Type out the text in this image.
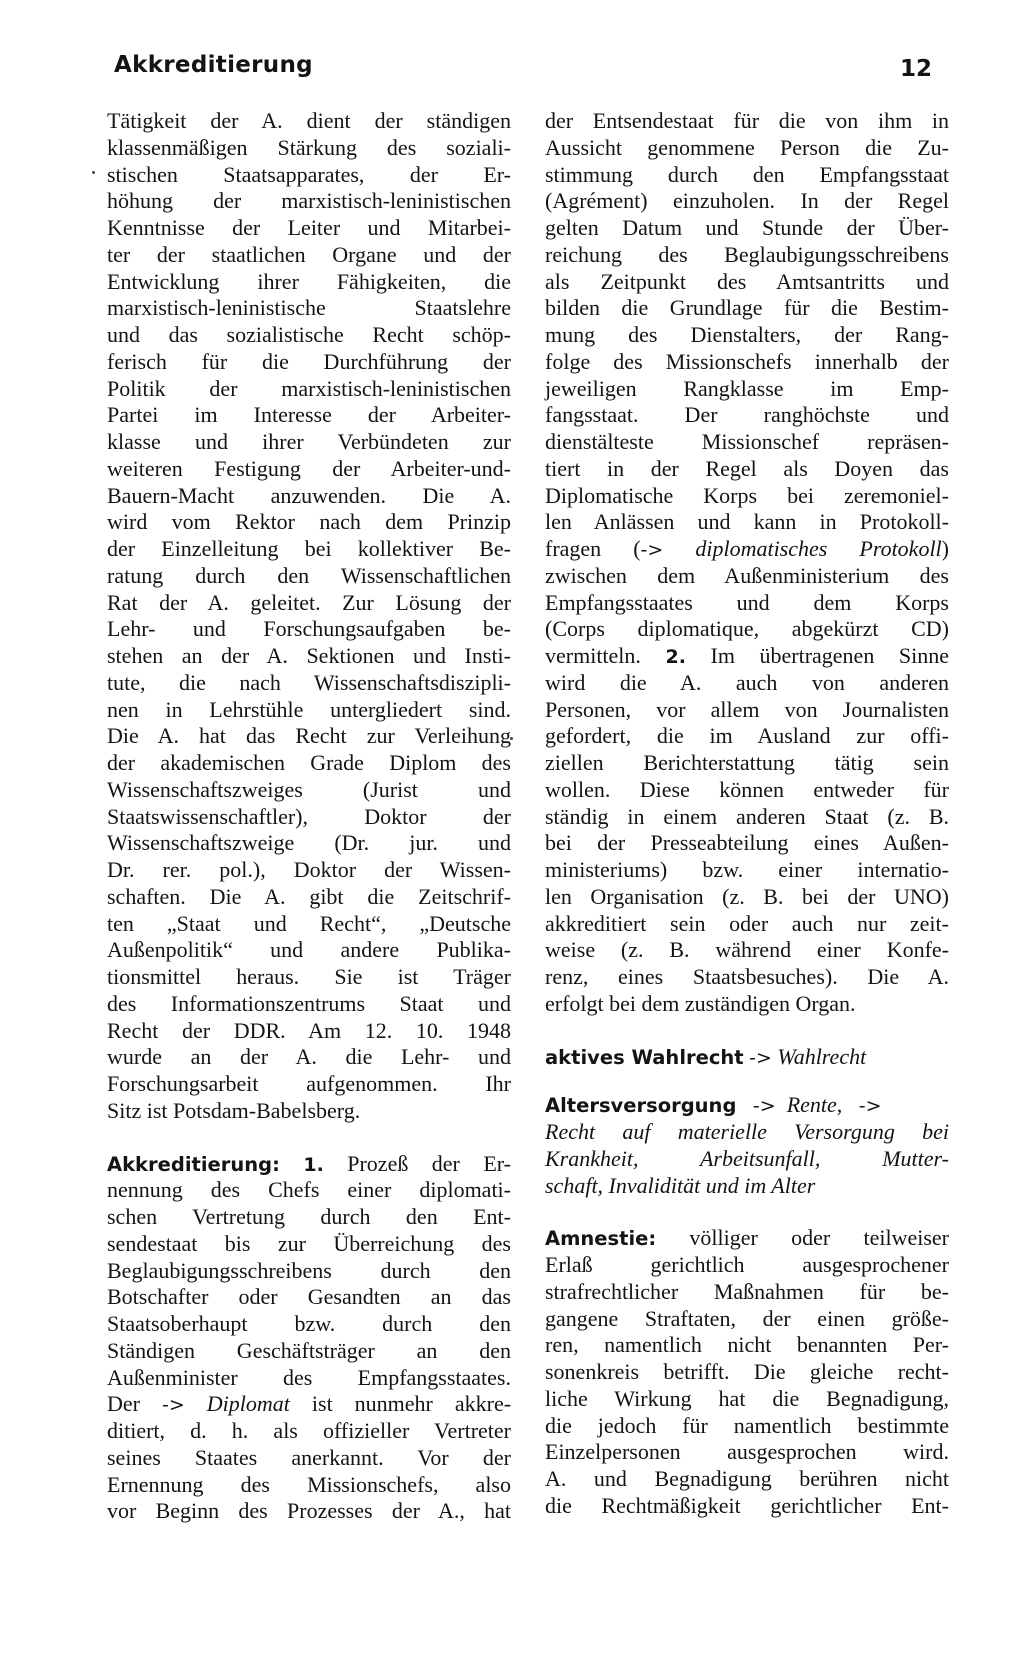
Akkreditierung	12
Tätigkeit der A. dient der ständigen
klassenmäßigen Stärkung des soziali-
stischen Staatsapparates, der Er-
höhung der marxistisch-leninistischen
Kenntnisse der Leiter und Mitarbei-
ter der staatlichen Organe und der
Entwicklung ihrer Fähigkeiten, die
marxistisch-leninistische Staatslehre
und das sozialistische Recht schöp-
ferisch für die Durchführung der
Politik der marxistisch-leninistischen
Partei im Interesse der Arbeiter-
klasse und ihrer Verbündeten zur
weiteren Festigung der Arbeiter-und-
Bauern-Macht anzuwenden. Die A.
wird vom Rektor nach dem Prinzip
der Einzelleitung bei kollektiver Be-
ratung durch den Wissenschaftlichen
Rat der A. geleitet. Zur Lösung der
Lehr- und Forschungsaufgaben be-
stehen an der A. Sektionen und Insti-
tute, die nach Wissenschaftsdiszipli-
nen in Lehrstühle untergliedert sind.
Die A. hat das Recht zur Verleihung
der akademischen Grade Diplom des
Wissenschaftszweiges (Jurist und
Staatswissenschaftler), Doktor der
Wissenschaftszweige (Dr. jur. und
Dr. rer. pol.), Doktor der Wissen-
schaften. Die A. gibt die Zeitschrif-
ten „Staat und Recht“, „Deutsche
Außenpolitik“ und andere Publika-
tionsmittel heraus. Sie ist Träger
des Informationszentrums Staat und
Recht der DDR. Am 12. 10. 1948
wurde an der A. die Lehr- und
Forschungsarbeit aufgenommen. Ihr
Sitz ist Potsdam-Babelsberg.
Akkreditierung: 1. Prozeß der Er-
nennung des Chefs einer diplomati-
schen Vertretung durch den Ent-
sendestaat bis zur Überreichung des
Beglaubigungsschreibens durch den
Botschafter oder Gesandten an das
Staatsoberhaupt bzw. durch den
Ständigen Geschäftsträger an den
Außenminister des Empfangsstaates.
Der -> Diplomat ist nunmehr akkre-
ditiert, d. h. als offizieller Vertreter
seines Staates anerkannt. Vor der
Ernennung des Missionschefs, also
vor Beginn des Prozesses der A., hat
der Entsendestaat für die von ihm in
Aussicht genommene Person die Zu-
stimmung durch den Empfangsstaat
(Agrément) einzuholen. In der Regel
gelten Datum und Stunde der Über-
reichung des Beglaubigungsschreibens
als Zeitpunkt des Amtsantritts und
bilden die Grundlage für die Bestim-
mung des Dienstalters, der Rang-
folge des Missionschefs innerhalb der
jeweiligen Rangklasse im Emp-
fangsstaat. Der ranghöchste und
dienstälteste Missionschef repräsen-
tiert in der Regel als Doyen das
Diplomatische Korps bei zeremoniel-
len Anlässen und kann in Protokoll-
fragen (-> diplomatisches Protokoll)
zwischen dem Außenministerium des
Empfangsstaates und dem Korps
(Corps diplomatique, abgekürzt CD)
vermitteln. 2. Im übertragenen Sinne
wird die A. auch von anderen
Personen, vor allem von Journalisten
gefordert, die im Ausland zur offi-
ziellen Berichterstattung tätig sein
wollen. Diese können entweder für
ständig in einem anderen Staat (z. B.
bei der Presseabteilung eines Außen-
ministeriums) bzw. einer internatio-
len Organisation (z. B. bei der UNO)
akkreditiert sein oder auch nur zeit-
weise (z. B. während einer Konfe-
renz, eines Staatsbesuches). Die A.
erfolgt bei dem zuständigen Organ.
aktives Wahlrecht -> Wahlrecht
Altersversorgung -> Rente, ->
Recht auf materielle Versorgung bei
Krankheit, Arbeitsunfall, Mutter-
schaft, Invalidität und im Alter
Amnestie: völliger oder teilweiser
Erlaß gerichtlich ausgesprochener
strafrechtlicher Maßnahmen für be-
gangene Straftaten, der einen größe-
ren, namentlich nicht benannten Per-
sonenkreis betrifft. Die gleiche recht-
liche Wirkung hat die Begnadigung,
die jedoch für namentlich bestimmte
Einzelpersonen ausgesprochen wird.
A. und Begnadigung berühren nicht
die Rechtmäßigkeit gerichtlicher Ent-
